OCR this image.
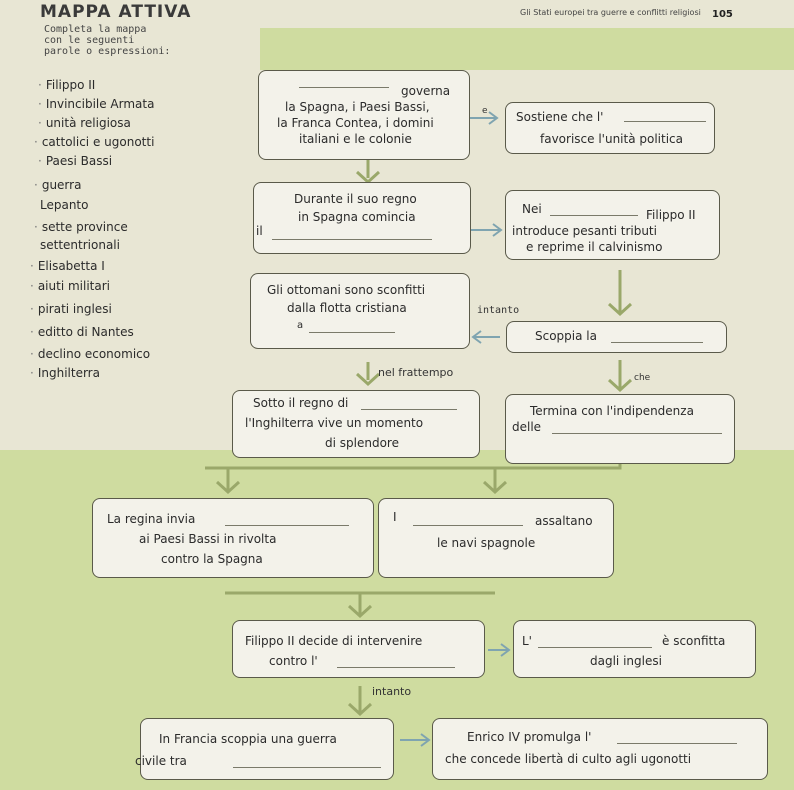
MAPPA ATTIVA	Gli Stati europei tra guerre e conflitti religiosi 105
Completa la mappa
con le seguenti
parole o espressioni:
· Filippo II
· Invincibile Armata
· unità religiosa
· cattolici e ugonotti
· Paesi Bassi
· guerra
Lepanto
· sette province
settentrionali
· Elisabetta I
· aiuti militari
· pirati inglesi
· editto di Nantes
· declino economico
· Inghilterra
governa
la Spagna, i Paesi Bassi,
la Franca Contea, i domini
italiani e le colonie
e Sostiene che l'
favorisce l'unità politica
Durante il suo regno
in Spagna comincia
il
Nei	Filippo II
introduce pesanti tributi
e reprime il calvinismo
Gli ottomani sono sconfitti
dalla flotta cristiana
a
intanto
Scoppia la
nel frattempo	che
Sotto il regno di
l'Inghilterra vive un momento
di splendore
Termina con l'indipendenza
delle
La regina invia
ai Paesi Bassi in rivolta
contro la Spagna
I	assaltano
le navi spagnole
Filippo II decide di intervenire
contro l'
L'	è sconfitta
dagli inglesi
intanto
In Francia scoppia una guerra
civile tra
Enrico IV promulga l'
che concede libertà di culto agli ugonotti
